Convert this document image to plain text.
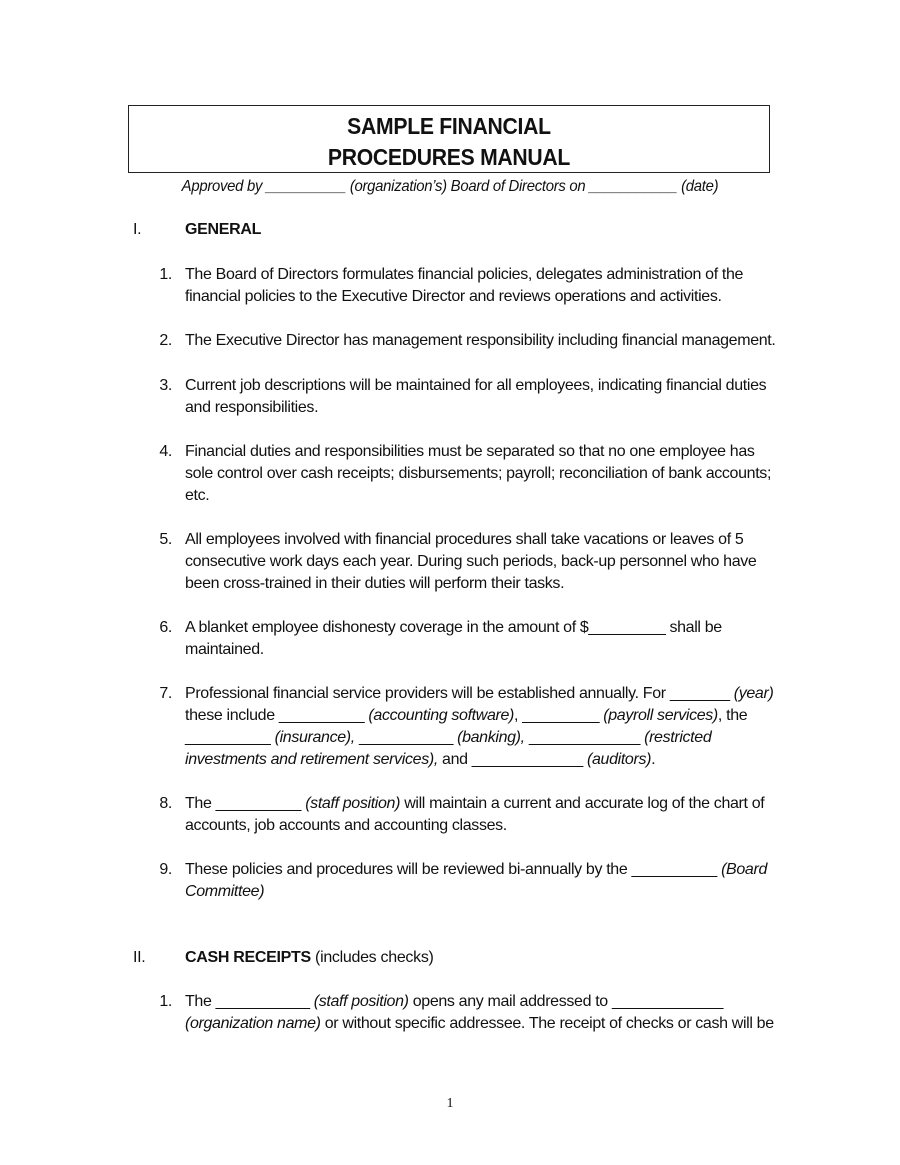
SAMPLE FINANCIAL
PROCEDURES MANUAL
Approved by __________ (organization’s) Board of Directors on ___________ (date)
I.	GENERAL
1. The Board of Directors formulates financial policies, delegates administration of the
financial policies to the Executive Director and reviews operations and activities.
2. The Executive Director has management responsibility including financial management.
3. Current job descriptions will be maintained for all employees, indicating financial duties
and responsibilities.
4. Financial duties and responsibilities must be separated so that no one employee has
sole control over cash receipts; disbursements; payroll; reconciliation of bank accounts;
etc.
5. All employees involved with financial procedures shall take vacations or leaves of 5
consecutive work days each year. During such periods, back-up personnel who have
been cross-trained in their duties will perform their tasks.
6. A blanket employee dishonesty coverage in the amount of $_________ shall be
maintained.
7. Professional financial service providers will be established annually. For _______ (year)
these include __________ (accounting software), _________ (payroll services), the
__________ (insurance), ___________ (banking), _____________ (restricted
investments and retirement services), and _____________ (auditors).
8. The __________ (staff position) will maintain a current and accurate log of the chart of
accounts, job accounts and accounting classes.
9. These policies and procedures will be reviewed bi-annually by the __________ (Board
Committee)
II. CASH RECEIPTS (includes checks)
1. The ___________ (staff position) opens any mail addressed to _____________
(organization name) or without specific addressee. The receipt of checks or cash will be
1
